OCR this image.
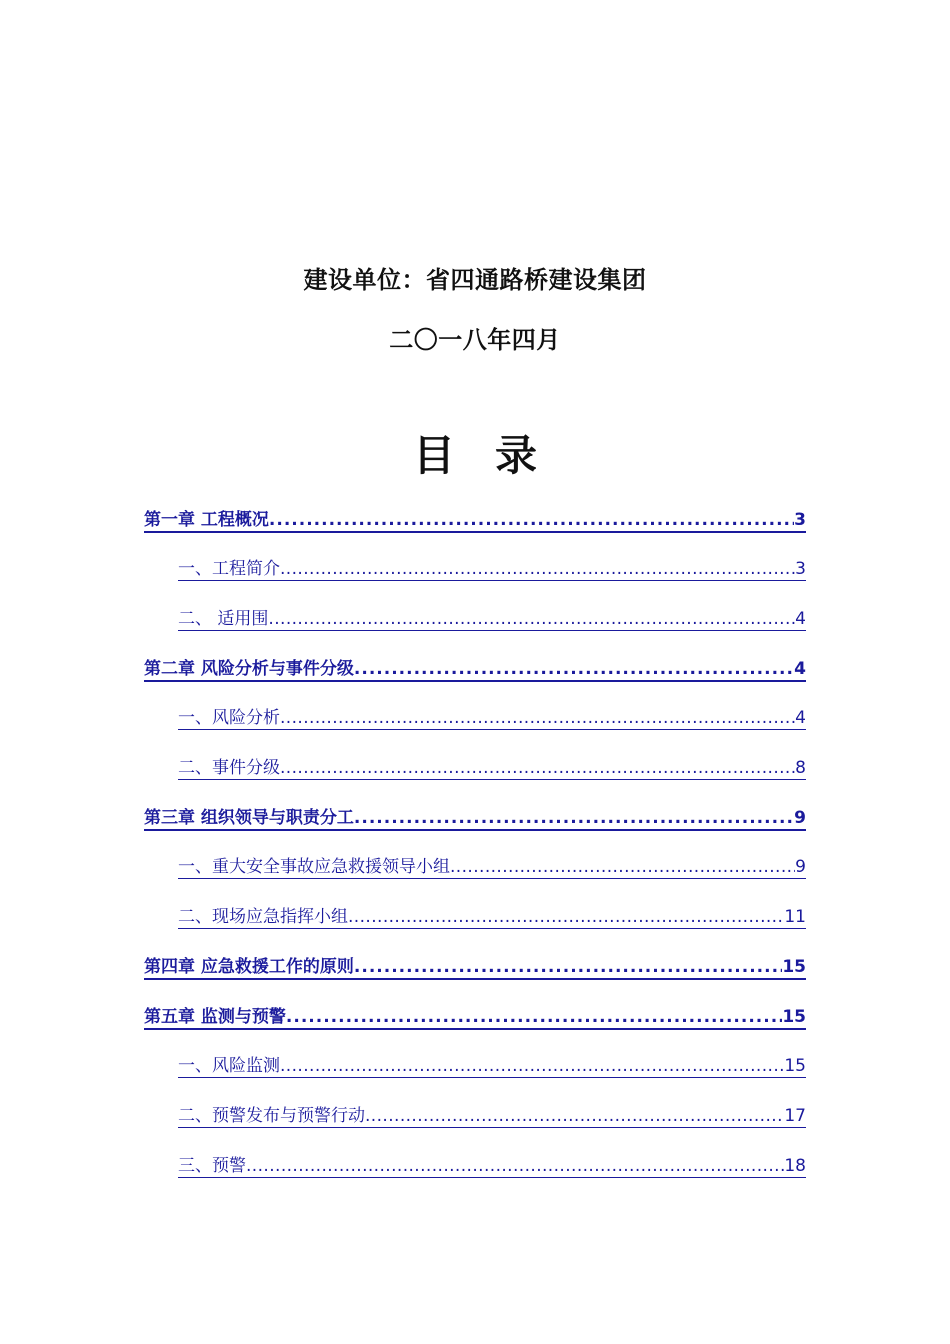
建设单位：省四通路桥建设集团
二〇一八年四月
目 录
第一章 工程概况 .....	3
一、工程简介 .....	3
二、 适用围 .....	4
第二章 风险分析与事件分级 .....	4
一、风险分析 .....	4
二、事件分级 .....	8
第三章 组织领导与职责分工 .....	9
一、重大安全事故应急救援领导小组 .....	9
二、现场应急指挥小组 .....	11
第四章 应急救援工作的原则 .....	15
第五章 监测与预警 .....	15
一、风险监测 .....	15
二、预警发布与预警行动 .....	17
三、预警 .....	18
